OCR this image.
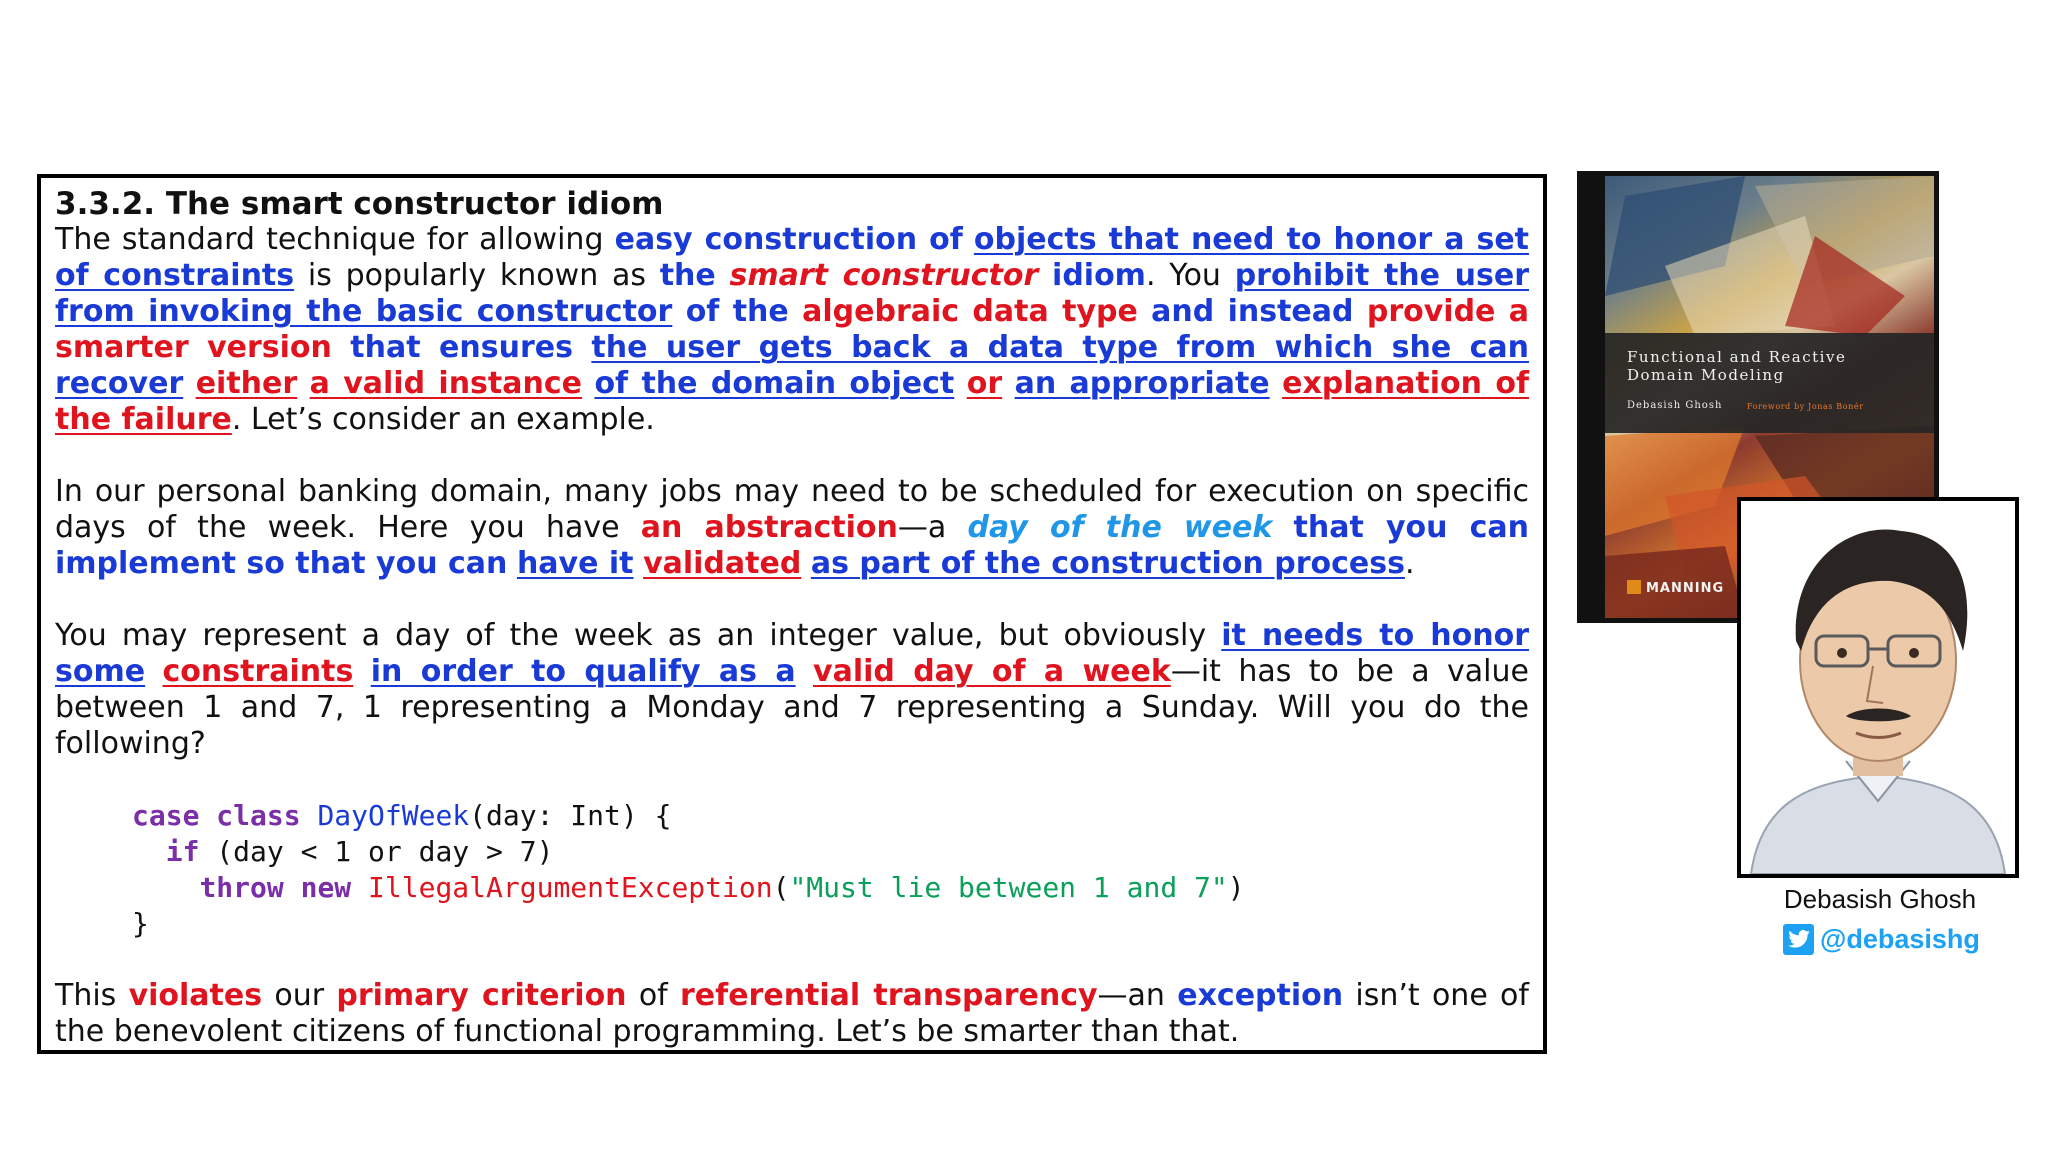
3.3.2. The smart constructor idiom

The standard technique for allowing easy construction of objects that need to honor a set of constraints is popularly known as the smart constructor idiom. You prohibit the user from invoking the basic constructor of the algebraic data type and instead provide a smarter version that ensures the user gets back a data type from which she can recover either a valid instance of the domain object or an appropriate explanation of the failure. Let’s consider an example.

In our personal banking domain, many jobs may need to be scheduled for execution on specific days of the week. Here you have an abstraction—a day of the week that you can implement so that you can have it validated as part of the construction process.

You may represent a day of the week as an integer value, but obviously it needs to honor some constraints in order to qualify as a valid day of a week—it has to be a value between 1 and 7, 1 representing a Monday and 7 representing a Sunday. Will you do the following?

case class DayOfWeek(day: Int) {
if (day < 1 or day > 7)
throw new IllegalArgumentException("Must lie between 1 and 7")
}

This violates our primary criterion of referential transparency—an exception isn’t one of the benevolent citizens of functional programming. Let’s be smarter than that.

Functional and Reactive
Domain Modeling
Debasish Ghosh	Foreword by Jonas Bonér
MANNING
Debasish Ghosh
@debasishg
